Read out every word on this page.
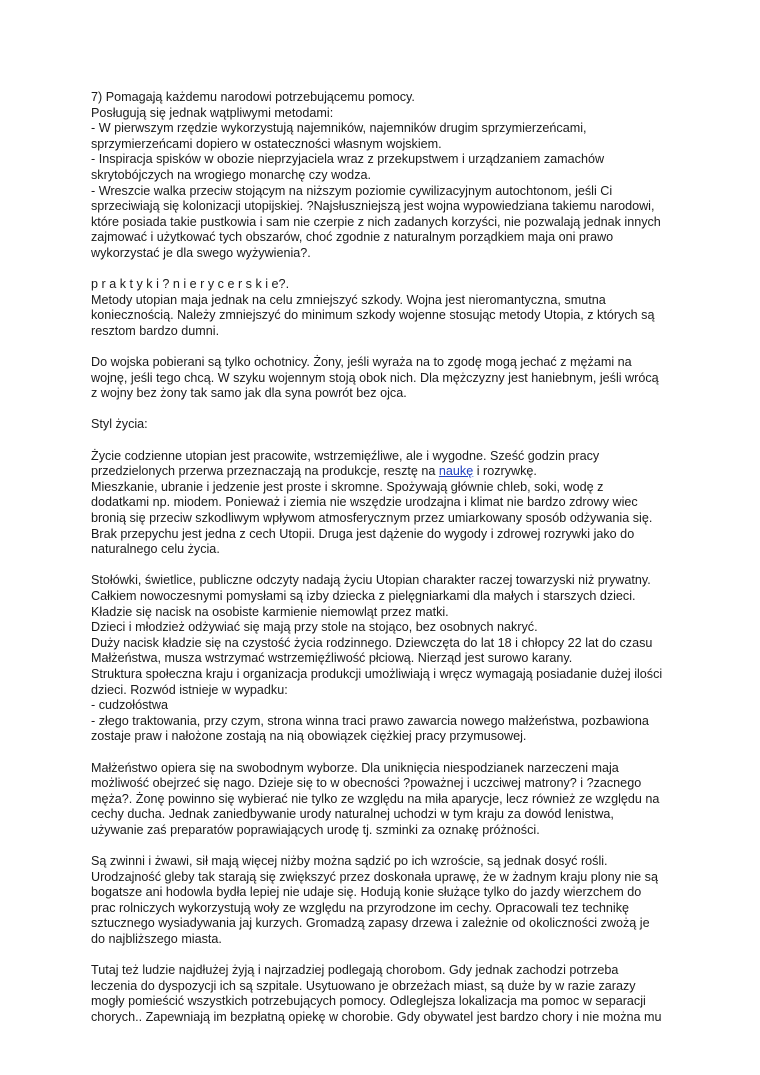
7) Pomagają każdemu narodowi potrzebującemu pomocy.
Posługują się jednak wątpliwymi metodami:
- W pierwszym rzędzie wykorzystują najemników, najemników drugim sprzymierzeńcami,
sprzymierzeńcami dopiero w ostateczności własnym wojskiem.
- Inspiracja spisków w obozie nieprzyjaciela wraz z przekupstwem i urządzaniem zamachów
skrytobójczych na wrogiego monarchę czy wodza.
- Wreszcie walka przeciw stojącym na niższym poziomie cywilizacyjnym autochtonom, jeśli Ci
sprzeciwiają się kolonizacji utopijskiej. ?Najsłuszniejszą jest wojna wypowiedziana takiemu narodowi,
które posiada takie pustkowia i sam nie czerpie z nich zadanych korzyści, nie pozwalają jednak innych
zajmować i użytkować tych obszarów, choć zgodnie z naturalnym porządkiem maja oni prawo
wykorzystać je dla swego wyżywienia?.
p r a k t y k i ? n i e r y c e r s k i e?.
Metody utopian maja jednak na celu zmniejszyć szkody. Wojna jest nieromantyczna, smutna
koniecznością. Należy zmniejszyć do minimum szkody wojenne stosując metody Utopia, z których są
resztom bardzo dumni.
Do wojska pobierani są tylko ochotnicy. Żony, jeśli wyraża na to zgodę mogą jechać z mężami na
wojnę, jeśli tego chcą. W szyku wojennym stoją obok nich. Dla mężczyzny jest haniebnym, jeśli wrócą
z wojny bez żony tak samo jak dla syna powrót bez ojca.
Styl życia:
Życie codzienne utopian jest pracowite, wstrzemięźliwe, ale i wygodne. Sześć godzin pracy
przedzielonych przerwa przeznaczają na produkcje, resztę na naukę i rozrywkę.
Mieszkanie, ubranie i jedzenie jest proste i skromne. Spożywają głównie chleb, soki, wodę z
dodatkami np. miodem. Ponieważ i ziemia nie wszędzie urodzajna i klimat nie bardzo zdrowy wiec
bronią się przeciw szkodliwym wpływom atmosferycznym przez umiarkowany sposób odżywania się.
Brak przepychu jest jedna z cech Utopii. Druga jest dążenie do wygody i zdrowej rozrywki jako do
naturalnego celu życia.
Stołówki, świetlice, publiczne odczyty nadają życiu Utopian charakter raczej towarzyski niż prywatny.
Całkiem nowoczesnymi pomysłami są izby dziecka z pielęgniarkami dla małych i starszych dzieci.
Kładzie się nacisk na osobiste karmienie niemowląt przez matki.
Dzieci i młodzież odżywiać się mają przy stole na stojąco, bez osobnych nakryć.
Duży nacisk kładzie się na czystość życia rodzinnego. Dziewczęta do lat 18 i chłopcy 22 lat do czasu
Małżeństwa, musza wstrzymać wstrzemięźliwość płciową. Nierząd jest surowo karany.
Struktura społeczna kraju i organizacja produkcji umożliwiają i wręcz wymagają posiadanie dużej ilości
dzieci. Rozwód istnieje w wypadku:
- cudzołóstwa
- złego traktowania, przy czym, strona winna traci prawo zawarcia nowego małżeństwa, pozbawiona
zostaje praw i nałożone zostają na nią obowiązek ciężkiej pracy przymusowej.
Małżeństwo opiera się na swobodnym wyborze. Dla uniknięcia niespodzianek narzeczeni maja
możliwość obejrzeć się nago. Dzieje się to w obecności ?poważnej i uczciwej matrony? i ?zacnego
męża?. Żonę powinno się wybierać nie tylko ze względu na miła aparycje, lecz również ze względu na
cechy ducha. Jednak zaniedbywanie urody naturalnej uchodzi w tym kraju za dowód lenistwa,
używanie zaś preparatów poprawiających urodę tj. szminki za oznakę próżności.
Są zwinni i żwawi, sił mają więcej niżby można sądzić po ich wzroście, są jednak dosyć rośli.
Urodzajność gleby tak starają się zwiększyć przez doskonała uprawę, że w żadnym kraju plony nie są
bogatsze ani hodowla bydła lepiej nie udaje się. Hodują konie służące tylko do jazdy wierzchem do
prac rolniczych wykorzystują woły ze względu na przyrodzone im cechy. Opracowali tez technikę
sztucznego wysiadywania jaj kurzych. Gromadzą zapasy drzewa i zależnie od okoliczności zwożą je
do najbliższego miasta.
Tutaj też ludzie najdłużej żyją i najrzadziej podlegają chorobom. Gdy jednak zachodzi potrzeba
leczenia do dyspozycji ich są szpitale. Usytuowano je obrzeżach miast, są duże by w razie zarazy
mogły pomieścić wszystkich potrzebujących pomocy. Odleglejsza lokalizacja ma pomoc w separacji
chorych.. Zapewniają im bezpłatną opiekę w chorobie. Gdy obywatel jest bardzo chory i nie można mu
